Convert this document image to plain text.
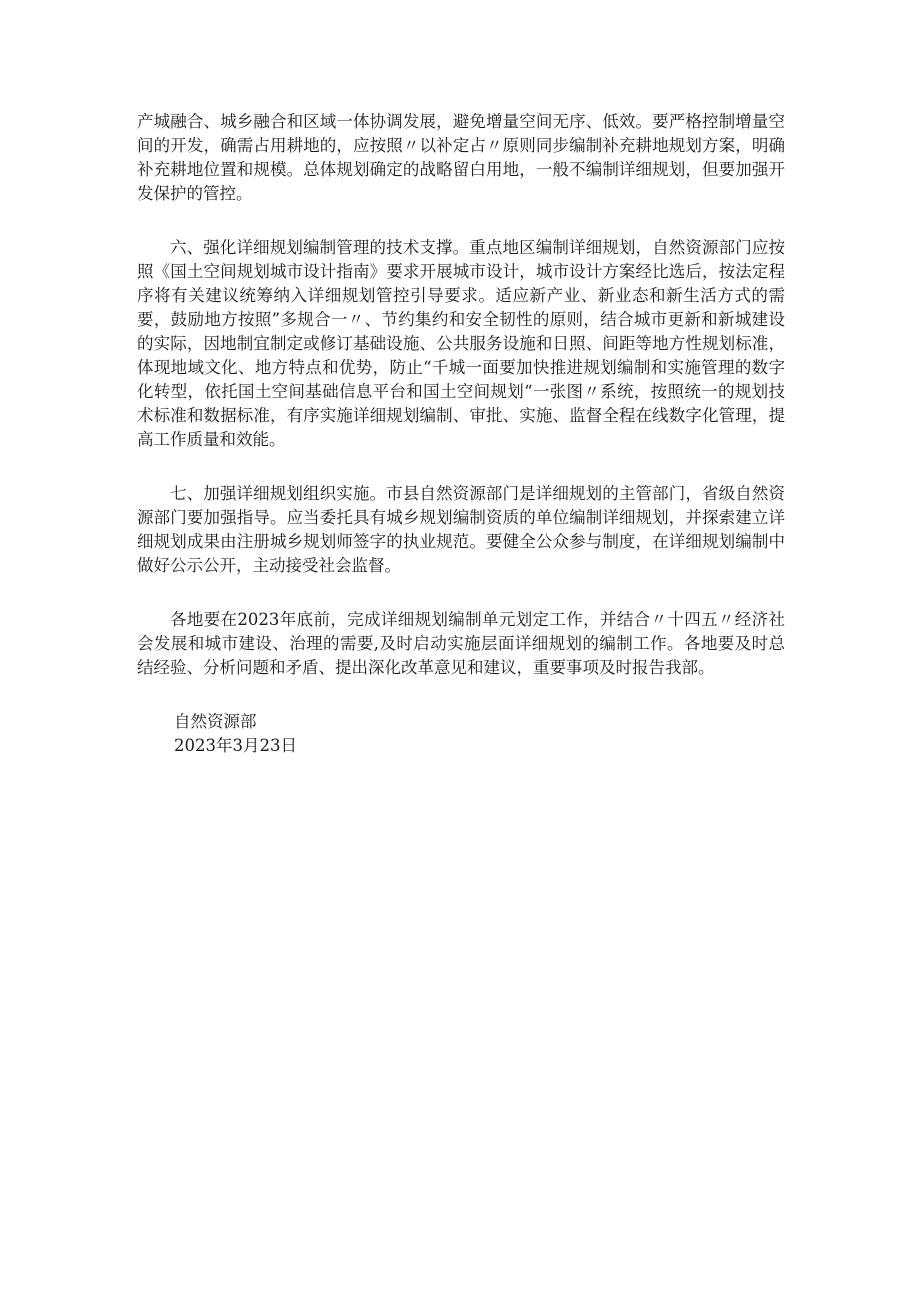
产城融合、城乡融合和区域一体协调发展，避免增量空间无序、低效。要严格控制增量空间的开发，确需占用耕地的，应按照〃以补定占〃原则同步编制补充耕地规划方案，明确补充耕地位置和规模。总体规划确定的战略留白用地，一般不编制详细规划，但要加强开发保护的管控。

六、强化详细规划编制管理的技术支撑。重点地区编制详细规划，自然资源部门应按照《国土空间规划城市设计指南》要求开展城市设计，城市设计方案经比选后，按法定程序将有关建议统筹纳入详细规划管控引导要求。适应新产业、新业态和新生活方式的需要，鼓励地方按照”多规合一〃、节约集约和安全韧性的原则，结合城市更新和新城建设的实际，因地制宜制定或修订基础设施、公共服务设施和日照、间距等地方性规划标准，体现地域文化、地方特点和优势，防止“千城一面要加快推进规划编制和实施管理的数字化转型，依托国土空间基础信息平台和国土空间规划“一张图〃系统，按照统一的规划技术标准和数据标准，有序实施详细规划编制、审批、实施、监督全程在线数字化管理，提高工作质量和效能。

七、加强详细规划组织实施。市县自然资源部门是详细规划的主管部门，省级自然资源部门要加强指导。应当委托具有城乡规划编制资质的单位编制详细规划，并探索建立详细规划成果由注册城乡规划师签字的执业规范。要健全公众参与制度，在详细规划编制中做好公示公开，主动接受社会监督。

各地要在2023年底前，完成详细规划编制单元划定工作，并结合〃十四五〃经济社会发展和城市建设、治理的需要,及时启动实施层面详细规划的编制工作。各地要及时总结经验、分析问题和矛盾、提出深化改革意见和建议，重要事项及时报告我部。

自然资源部

2023年3月23日
